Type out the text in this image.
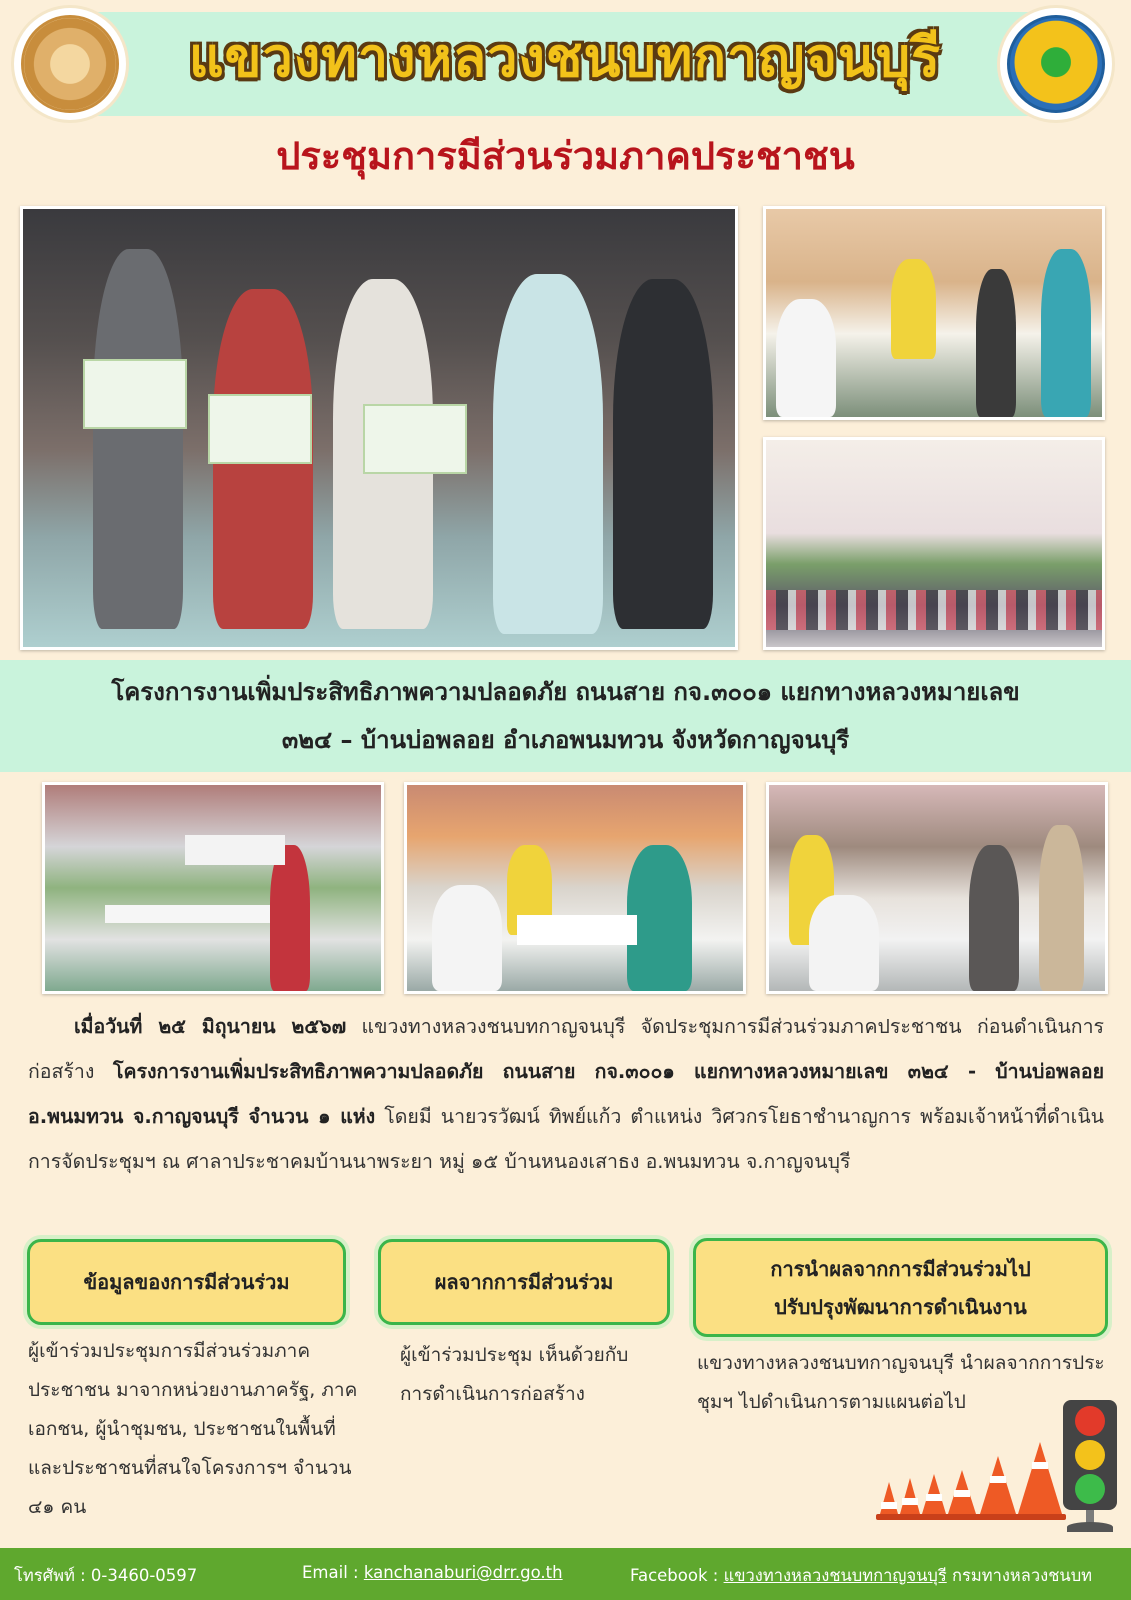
แขวงทางหลวงชนบทกาญจนบุรี
ประชุมการมีส่วนร่วมภาคประชาชน
โครงการงานเพิ่มประสิทธิภาพความปลอดภัย ถนนสาย กจ.๓๐๐๑ แยกทางหลวงหมายเลข
๓๒๔ – บ้านบ่อพลอย อำเภอพนมทวน จังหวัดกาญจนบุรี
เมื่อวันที่ ๒๕ มิถุนายน ๒๕๖๗ แขวงทางหลวงชนบทกาญจนบุรี จัดประชุมการมีส่วนร่วมภาคประชาชน ก่อนดำเนินการก่อสร้าง โครงการงานเพิ่มประสิทธิภาพความปลอดภัย ถนนสาย กจ.๓๐๐๑ แยกทางหลวงหมายเลข ๓๒๔ - บ้านบ่อพลอย อ.พนมทวน จ.กาญจนบุรี จำนวน ๑ แห่ง โดยมี นายวรวัฒน์ ทิพย์แก้ว ตำแหน่ง วิศวกรโยธาชำนาญการ พร้อมเจ้าหน้าที่ดำเนินการจัดประชุมฯ ณ ศาลาประชาคมบ้านนาพระยา หมู่ ๑๕ บ้านหนองเสาธง อ.พนมทวน จ.กาญจนบุรี
ข้อมูลของการมีส่วนร่วม	ผลจากการมีส่วนร่วม
การนำผลจากการมีส่วนร่วมไป
ปรับปรุงพัฒนาการดำเนินงาน
ผู้เข้าร่วมประชุมการมีส่วนร่วมภาคประชาชน มาจากหน่วยงานภาครัฐ, ภาคเอกชน, ผู้นำชุมชน, ประชาชนในพื้นที่และประชาชนที่สนใจโครงการฯ จำนวน ๔๑ คน
ผู้เข้าร่วมประชุม เห็นด้วยกับการดำเนินการก่อสร้าง
แขวงทางหลวงชนบทกาญจนบุรี นำผลจากการประชุมฯ ไปดำเนินการตามแผนต่อไป
โทรศัพท์ : 0-3460-0597	Email : kanchanaburi@drr.go.th	Facebook : แขวงทางหลวงชนบทกาญจนบุรี กรมทางหลวงชนบท
